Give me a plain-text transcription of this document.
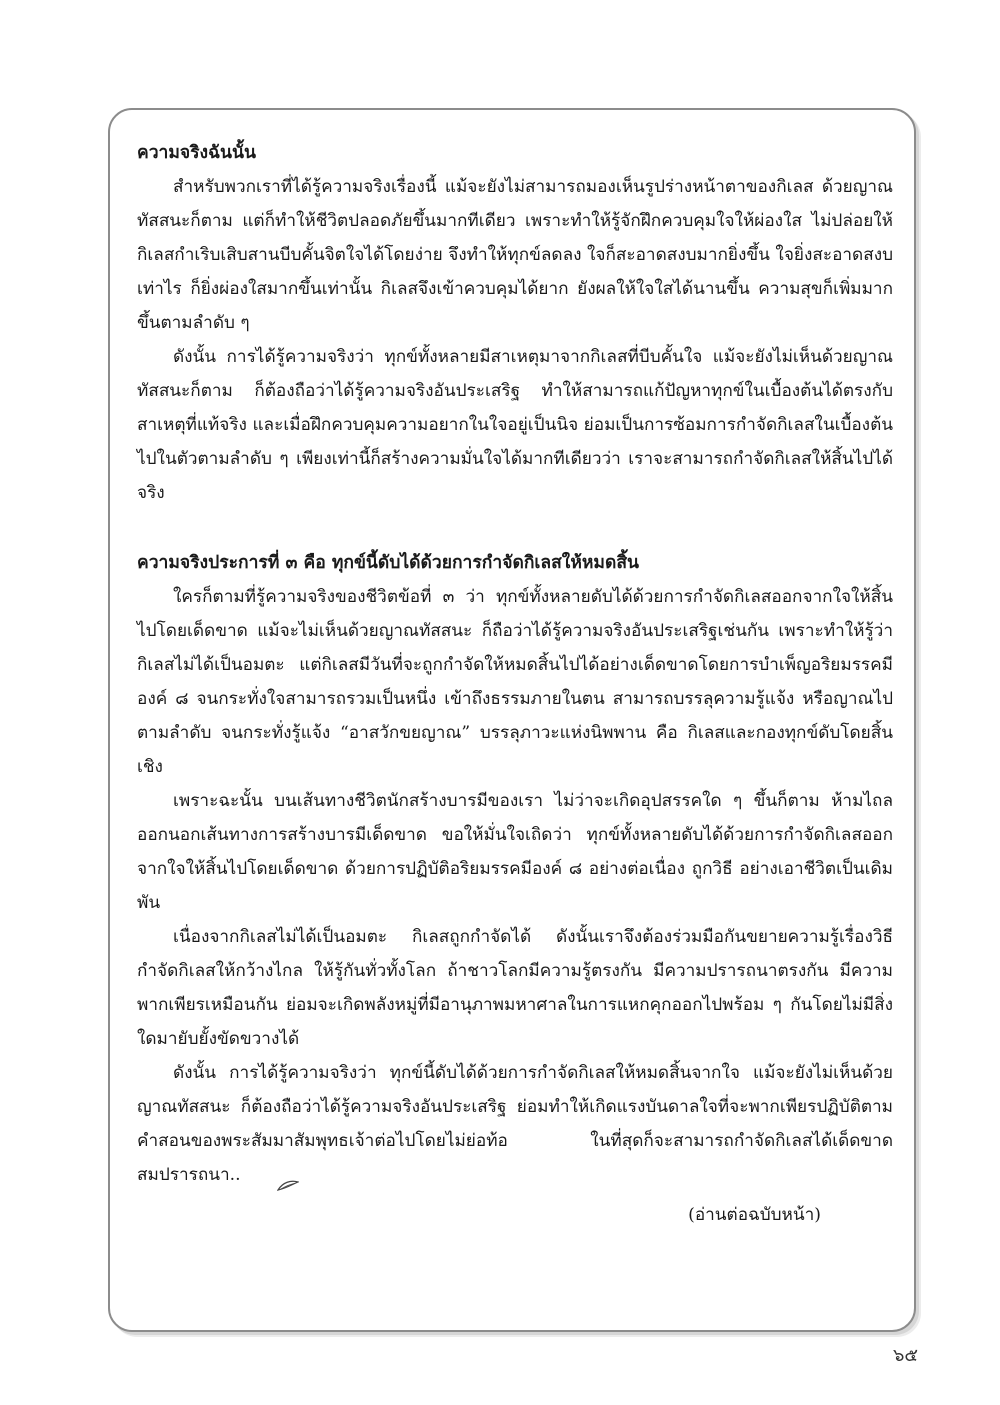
ความจริงฉันนั้น

สำหรับพวกเราที่ได้รู้ความจริงเรื่องนี้ แม้จะยังไม่สามารถมองเห็นรูปร่างหน้าตาของกิเลส ด้วยญาณทัสสนะก็ตาม แต่ก็ทำให้ชีวิตปลอดภัยขึ้นมากทีเดียว เพราะทำให้รู้จักฝึกควบคุมใจให้ผ่องใส ไม่ปล่อยให้กิเลสกำเริบเสิบสานบีบคั้นจิตใจได้โดยง่าย จึงทำให้ทุกข์ลดลง ใจก็สะอาดสงบมากยิ่งขึ้น ใจยิ่งสะอาดสงบเท่าไร ก็ยิ่งผ่องใสมากขึ้นเท่านั้น กิเลสจึงเข้าควบคุมได้ยาก ยังผลให้ใจใสได้นานขึ้น ความสุขก็เพิ่มมากขึ้นตามลำดับ ๆ

ดังนั้น การได้รู้ความจริงว่า ทุกข์ทั้งหลายมีสาเหตุมาจากกิเลสที่บีบคั้นใจ แม้จะยังไม่เห็นด้วยญาณทัสสนะก็ตาม ก็ต้องถือว่าได้รู้ความจริงอันประเสริฐ ทำให้สามารถแก้ปัญหาทุกข์ในเบื้องต้นได้ตรงกับสาเหตุที่แท้จริง และเมื่อฝึกควบคุมความอยากในใจอยู่เป็นนิจ ย่อมเป็นการซ้อมการกำจัดกิเลสในเบื้องต้นไปในตัวตามลำดับ ๆ เพียงเท่านี้ก็สร้างความมั่นใจได้มากทีเดียวว่า เราจะสามารถกำจัดกิเลสให้สิ้นไปได้จริง

ความจริงประการที่ ๓ คือ ทุกข์นี้ดับได้ด้วยการกำจัดกิเลสให้หมดสิ้น

ใครก็ตามที่รู้ความจริงของชีวิตข้อที่ ๓ ว่า ทุกข์ทั้งหลายดับได้ด้วยการกำจัดกิเลสออกจากใจให้สิ้นไปโดยเด็ดขาด แม้จะไม่เห็นด้วยญาณทัสสนะ ก็ถือว่าได้รู้ความจริงอันประเสริฐเช่นกัน เพราะทำให้รู้ว่ากิเลสไม่ได้เป็นอมตะ แต่กิเลสมีวันที่จะถูกกำจัดให้หมดสิ้นไปได้อย่างเด็ดขาดโดยการบำเพ็ญอริยมรรคมีองค์ ๘ จนกระทั่งใจสามารถรวมเป็นหนึ่ง เข้าถึงธรรมภายในตน สามารถบรรลุความรู้แจ้ง หรือญาณไปตามลำดับ จนกระทั่งรู้แจ้ง “อาสวักขยญาณ” บรรลุภาวะแห่งนิพพาน คือ กิเลสและกองทุกข์ดับโดยสิ้นเชิง

เพราะฉะนั้น บนเส้นทางชีวิตนักสร้างบารมีของเรา ไม่ว่าจะเกิดอุปสรรคใด ๆ ขึ้นก็ตาม ห้ามไถลออกนอกเส้นทางการสร้างบารมีเด็ดขาด ขอให้มั่นใจเถิดว่า ทุกข์ทั้งหลายดับได้ด้วยการกำจัดกิเลสออกจากใจให้สิ้นไปโดยเด็ดขาด ด้วยการปฏิบัติอริยมรรคมีองค์ ๘ อย่างต่อเนื่อง ถูกวิธี อย่างเอาชีวิตเป็นเดิมพัน

เนื่องจากกิเลสไม่ได้เป็นอมตะ กิเลสถูกกำจัดได้ ดังนั้นเราจึงต้องร่วมมือกันขยายความรู้เรื่องวิธีกำจัดกิเลสให้กว้างไกล ให้รู้กันทั่วทั้งโลก ถ้าชาวโลกมีความรู้ตรงกัน มีความปรารถนาตรงกัน มีความพากเพียรเหมือนกัน ย่อมจะเกิดพลังหมู่ที่มีอานุภาพมหาศาลในการแหกคุกออกไปพร้อม ๆ กันโดยไม่มีสิ่งใดมายับยั้งขัดขวางได้

ดังนั้น การได้รู้ความจริงว่า ทุกข์นี้ดับได้ด้วยการกำจัดกิเลสให้หมดสิ้นจากใจ แม้จะยังไม่เห็นด้วยญาณทัสสนะ ก็ต้องถือว่าได้รู้ความจริงอันประเสริฐ ย่อมทำให้เกิดแรงบันดาลใจที่จะพากเพียรปฏิบัติตามคำสอนของพระสัมมาสัมพุทธเจ้าต่อไปโดยไม่ย่อท้อ ในที่สุดก็จะสามารถกำจัดกิเลสได้เด็ดขาดสมปรารถนา..

(อ่านต่อฉบับหน้า)

๖๕
